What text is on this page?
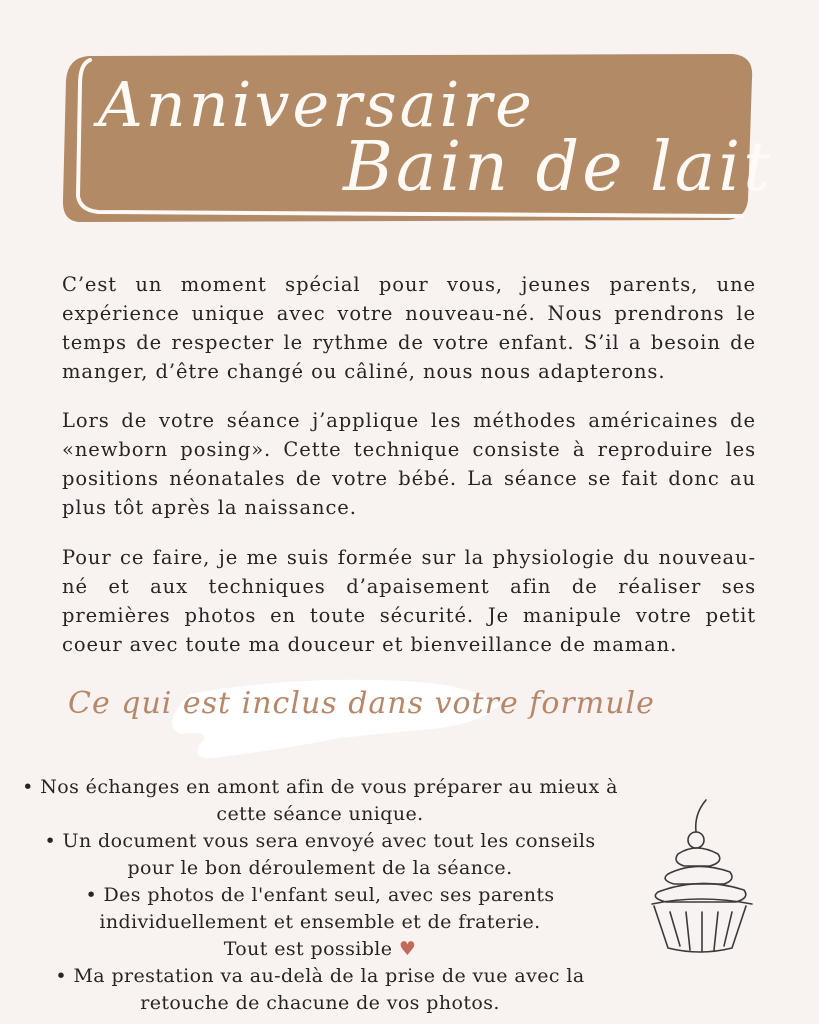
Anniversaire
Bain de lait

C’est un moment spécial pour vous, jeunes parents, une expérience unique avec votre nouveau-né. Nous prendrons le temps de respecter le rythme de votre enfant. S’il a besoin de manger, d’être changé ou câliné, nous nous adapterons.

Lors de votre séance j’applique les méthodes américaines de «newborn posing». Cette technique consiste à reproduire les positions néonatales de votre bébé. La séance se fait donc au plus tôt après la naissance.

Pour ce faire, je me suis formée sur la physiologie du nouveau-né et aux techniques d’apaisement afin de réaliser ses premières photos en toute sécurité. Je manipule votre petit coeur avec toute ma douceur et bienveillance de maman.

Ce qui est inclus dans votre formule

• Nos échanges en amont afin de vous préparer au mieux à cette séance unique.

• Un document vous sera envoyé avec tout les conseils pour le bon déroulement de la séance.

• Des photos de l'enfant seul, avec ses parents individuellement et ensemble et de fraterie.

Tout est possible ♥

• Ma prestation va au-delà de la prise de vue avec la retouche de chacune de vos photos.
